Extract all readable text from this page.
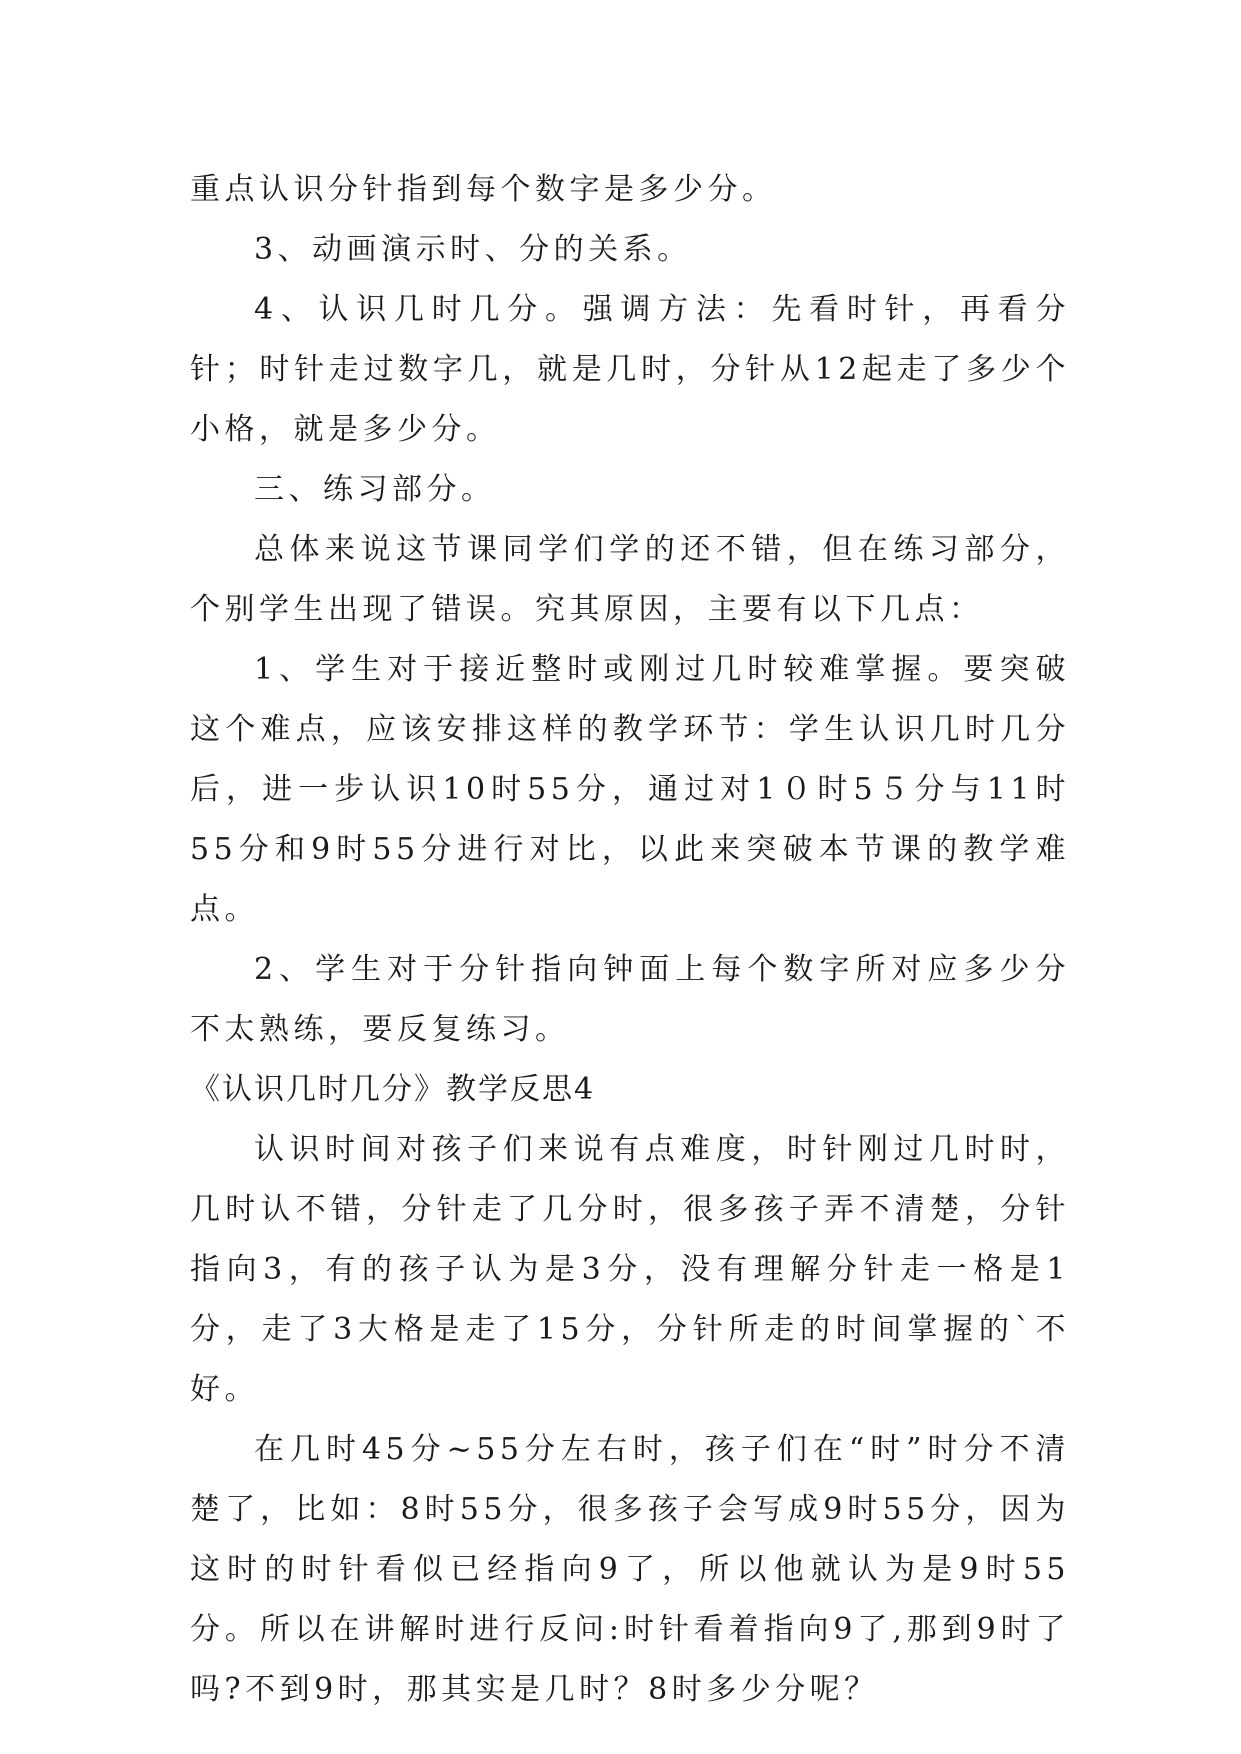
重点认识分针指到每个数字是多少分。

3、动画演示时、分的关系。

4、认识几时几分。强调方法：先看时针，再看分针；时针走过数字几，就是几时，分针从12起走了多少个小格，就是多少分。

三、练习部分。

总体来说这节课同学们学的还不错，但在练习部分，个别学生出现了错误。究其原因，主要有以下几点：

1、学生对于接近整时或刚过几时较难掌握。要突破这个难点，应该安排这样的教学环节：学生认识几时几分后，进一步认识10时55分，通过对1０时5５分与11时55分和9时55分进行对比，以此来突破本节课的教学难点。

2、学生对于分针指向钟面上每个数字所对应多少分不太熟练，要反复练习。

《认识几时几分》教学反思4

认识时间对孩子们来说有点难度，时针刚过几时时，几时认不错，分针走了几分时，很多孩子弄不清楚，分针指向3，有的孩子认为是3分，没有理解分针走一格是1分，走了3大格是走了15分，分针所走的时间掌握的`不好。

在几时45分~55分左右时，孩子们在“时”时分不清楚了，比如：8时55分，很多孩子会写成9时55分，因为这时的时针看似已经指向9了，所以他就认为是9时55分。所以在讲解时进行反问:时针看着指向9了,那到9时了吗?不到9时，那其实是几时？8时多少分呢？
